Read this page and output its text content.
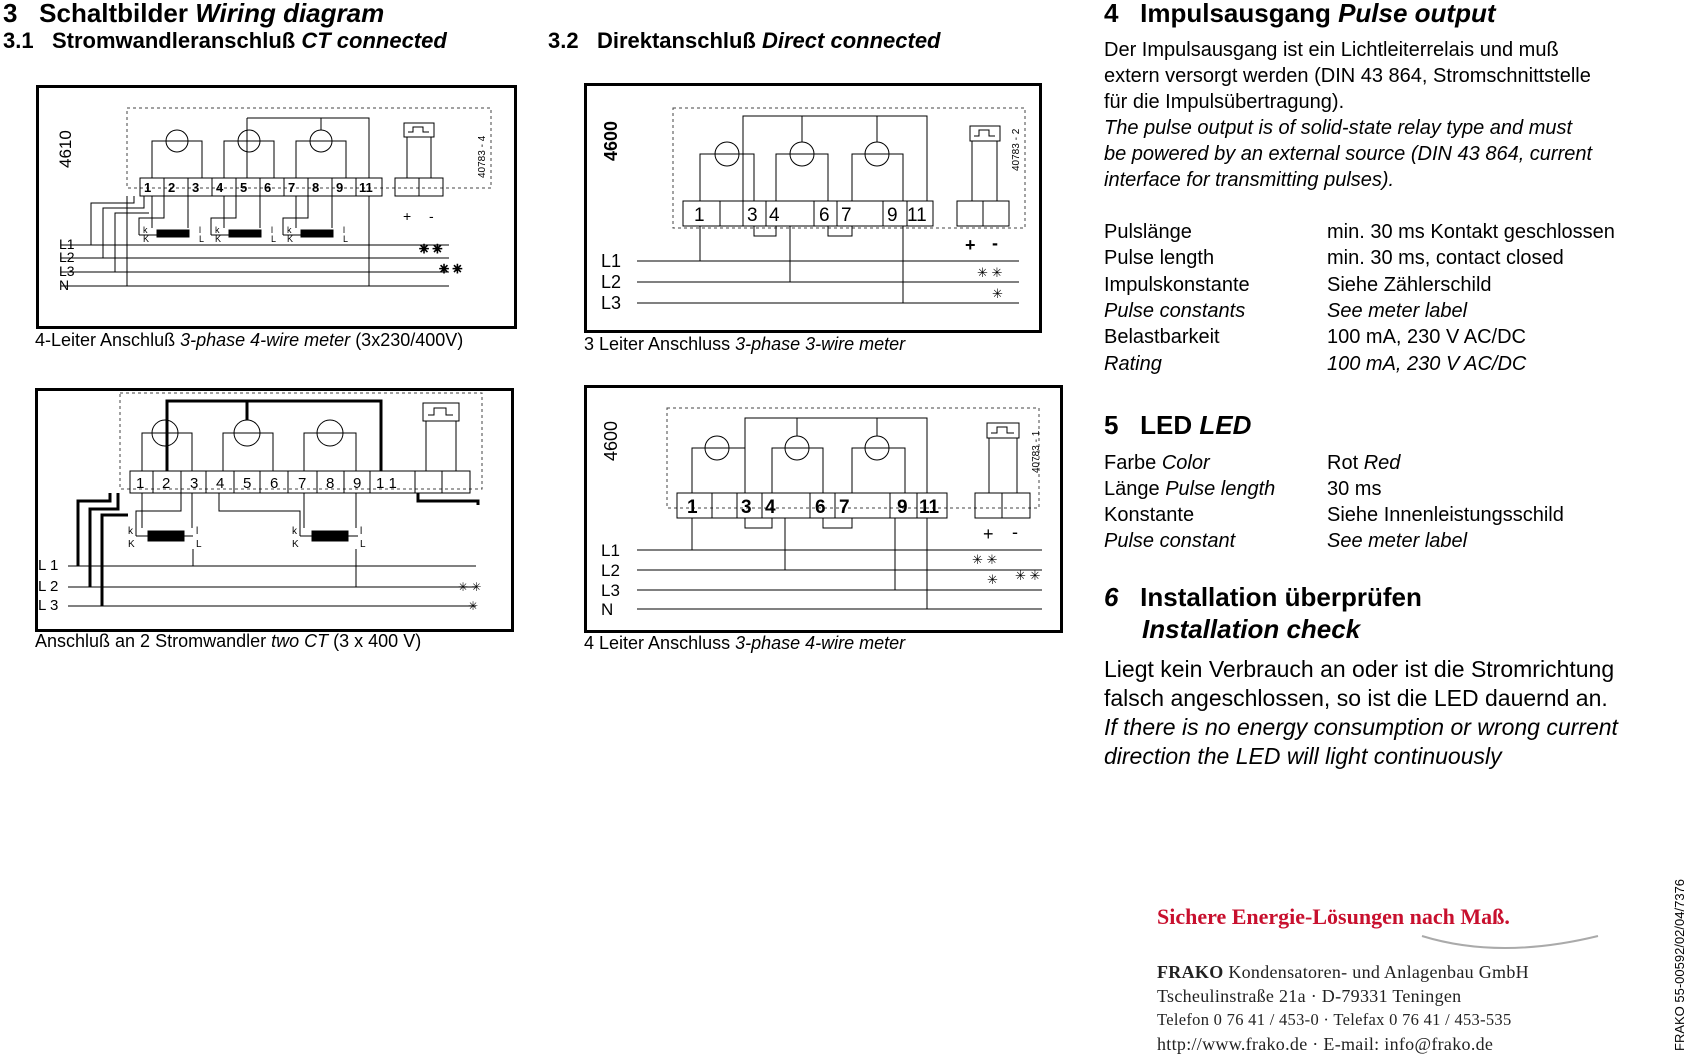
3 Schaltbilder Wiring diagram
3.1 Stromwandleranschluß CT connected	3.2 Direktanschluß Direct connected
4610	40783 - 4
1 2 3 4 5 6 7 8 9 11
k
K
l
L
k
K
l
L
k
K
l
L
L1
L2
L3
N
+ -
✳ ✳
✳ ✳
4-Leiter Anschluß 3-phase 4-wire meter (3x230/400V)
1 2 3 4 5 6 7 8 9 1 1
k
K
l
L
k
K
l
L
L 1
L 2
L 3
✳ ✳
✳
Anschluß an 2 Stromwandler two CT (3 x 400 V)
4600	40783 - 2
1 3 4 6 7 9 11
L1
L2
L3
+ -
✳ ✳
✳
3 Leiter Anschluss 3-phase 3-wire meter
4600	40783 - 1
1 3 4 6 7 9 11
L1
L2
L3
N
+ -
✳ ✳
✳ ✳ ✳
4 Leiter Anschluss 3-phase 4-wire meter
4 Impulsausgang Pulse output
Der Impulsausgang ist ein Lichtleiterrelais und muß
extern versorgt werden (DIN 43 864, Stromschnittstelle
für die Impulsübertragung).
The pulse output is of solid-state relay type and must
be powered by an external source (DIN 43 864, current
interface for transmitting pulses).
Pulslänge	min. 30 ms Kontakt geschlossen
Pulse length	min. 30 ms, contact closed
Impulskonstante	Siehe Zählerschild
Pulse constants	See meter label
Belastbarkeit	100 mA, 230 V AC/DC
Rating	100 mA, 230 V AC/DC
5 LED LED
Farbe Color	Rot Red
Länge Pulse length	30 ms
Konstante	Siehe Innenleistungsschild
Pulse constant	See meter label
6 Installation überprüfen
Installation check
Liegt kein Verbrauch an oder ist die Stromrichtung
falsch angeschlossen, so ist die LED dauernd an.
If there is no energy consumption or wrong current
direction the LED will light continuously
Sichere Energie-Lösungen nach Maß.
FRAKO Kondensatoren- und Anlagenbau GmbH
Tscheulinstraße 21a · D-79331 Teningen
Telefon 0 76 41 / 453-0 · Telefax 0 76 41 / 453-535
http://www.frako.de · E-mail: info@frako.de	FRAKO 55-00592/02/04/7376
